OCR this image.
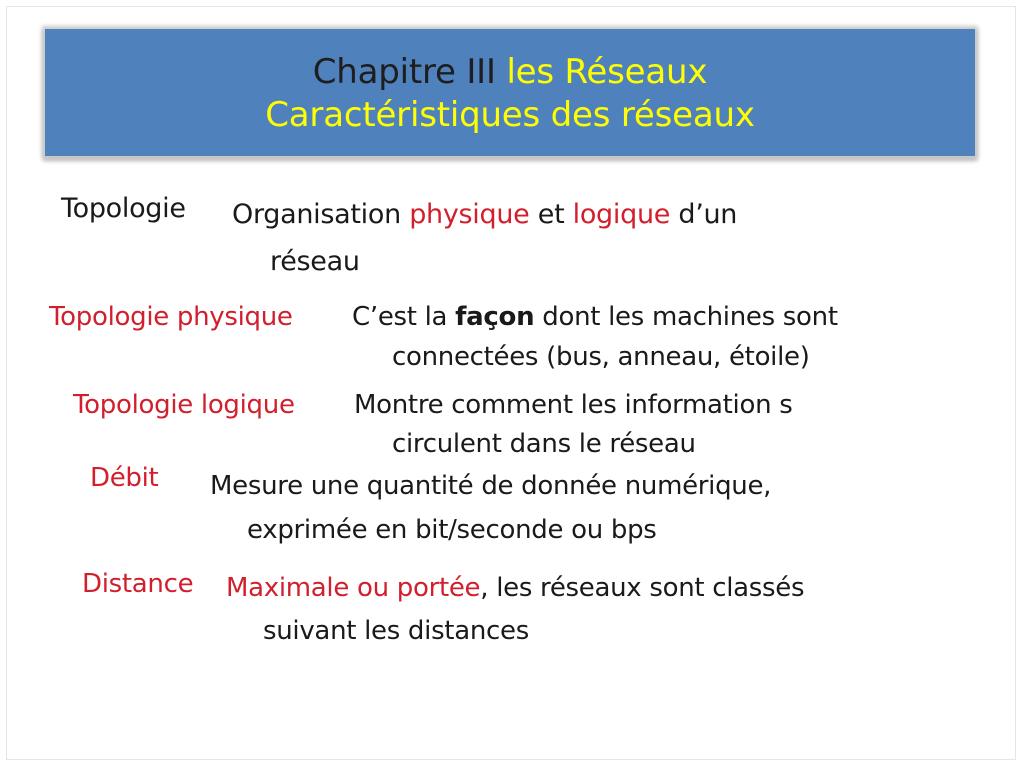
Chapitre III les Réseaux
Caractéristiques des réseaux
Topologie Organisation physique et logique d’un
réseau
Topologie physique C’est la façon dont les machines sont
connectées (bus, anneau, étoile)
Topologie logique Montre comment les information s
circulent dans le réseau
Débit Mesure une quantité de donnée numérique,
exprimée en bit/seconde ou bps
Distance Maximale ou portée, les réseaux sont classés
suivant les distances
